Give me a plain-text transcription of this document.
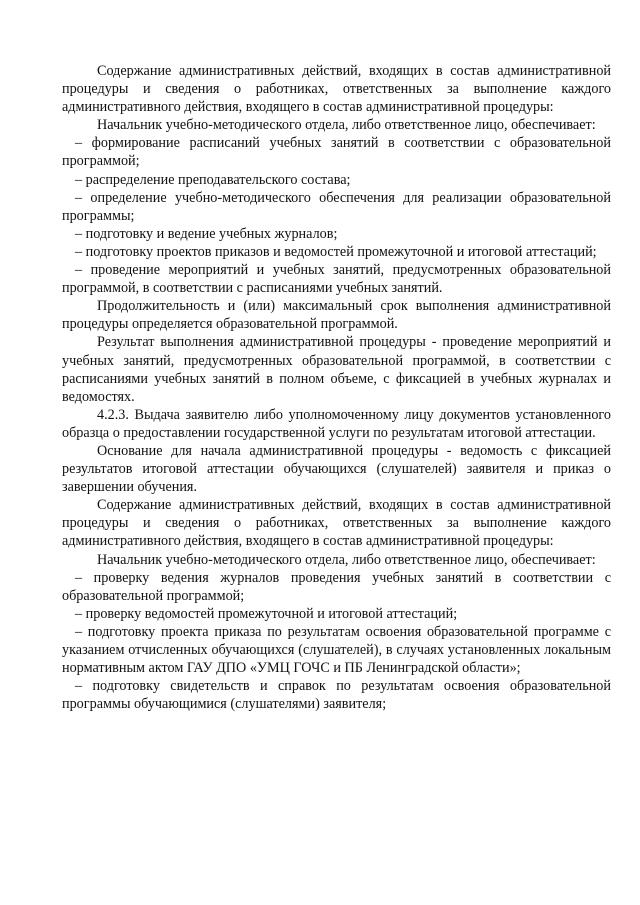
Содержание административных действий, входящих в состав административной процедуры и сведения о работниках, ответственных за выполнение каждого административного действия, входящего в состав административной процедуры:

Начальник учебно-методического отдела, либо ответственное лицо, обеспечивает:

– формирование расписаний учебных занятий в соответствии с образовательной программой;

– распределение преподавательского состава;

– определение учебно-методического обеспечения для реализации образовательной программы;

– подготовку и ведение учебных журналов;

– подготовку проектов приказов и ведомостей промежуточной и итоговой аттестаций;

– проведение мероприятий и учебных занятий, предусмотренных образовательной программой, в соответствии с расписаниями учебных занятий.

Продолжительность и (или) максимальный срок выполнения административной процедуры определяется образовательной программой.

Результат выполнения административной процедуры - проведение мероприятий и учебных занятий, предусмотренных образовательной программой, в соответствии с расписаниями учебных занятий в полном объеме, с фиксацией в учебных журналах и ведомостях.

4.2.3. Выдача заявителю либо уполномоченному лицу документов установленного образца о предоставлении государственной услуги по результатам итоговой аттестации.

Основание для начала административной процедуры - ведомость с фиксацией результатов итоговой аттестации обучающихся (слушателей) заявителя и приказ о завершении обучения.

Содержание административных действий, входящих в состав административной процедуры и сведения о работниках, ответственных за выполнение каждого административного действия, входящего в состав административной процедуры:

Начальник учебно-методического отдела, либо ответственное лицо, обеспечивает:

– проверку ведения журналов проведения учебных занятий в соответствии с образовательной программой;

– проверку ведомостей промежуточной и итоговой аттестаций;

– подготовку проекта приказа по результатам освоения образовательной программе с указанием отчисленных обучающихся (слушателей), в случаях установленных локальным нормативным актом ГАУ ДПО «УМЦ ГОЧС и ПБ Ленинградской области»;

– подготовку свидетельств и справок по результатам освоения образовательной программы обучающимися (слушателями) заявителя;
